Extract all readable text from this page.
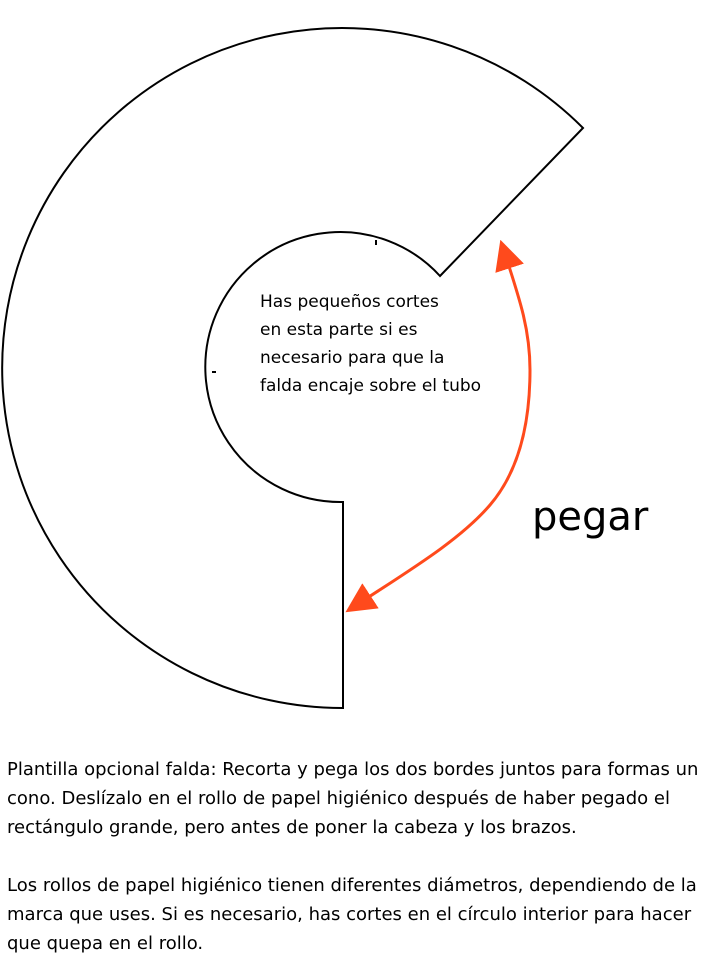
Has pequeños cortes
en esta parte si es
necesario para que la
falda encaje sobre el tubo
pegar

Plantilla opcional falda: Recorta y pega los dos bordes juntos para formas un cono. Deslízalo en el rollo de papel higiénico después de haber pegado el rectángulo grande, pero antes de poner la cabeza y los brazos.

Los rollos de papel higiénico tienen diferentes diámetros, dependiendo de la marca que uses. Si es necesario, has cortes en el círculo interior para hacer que quepa en el rollo.
